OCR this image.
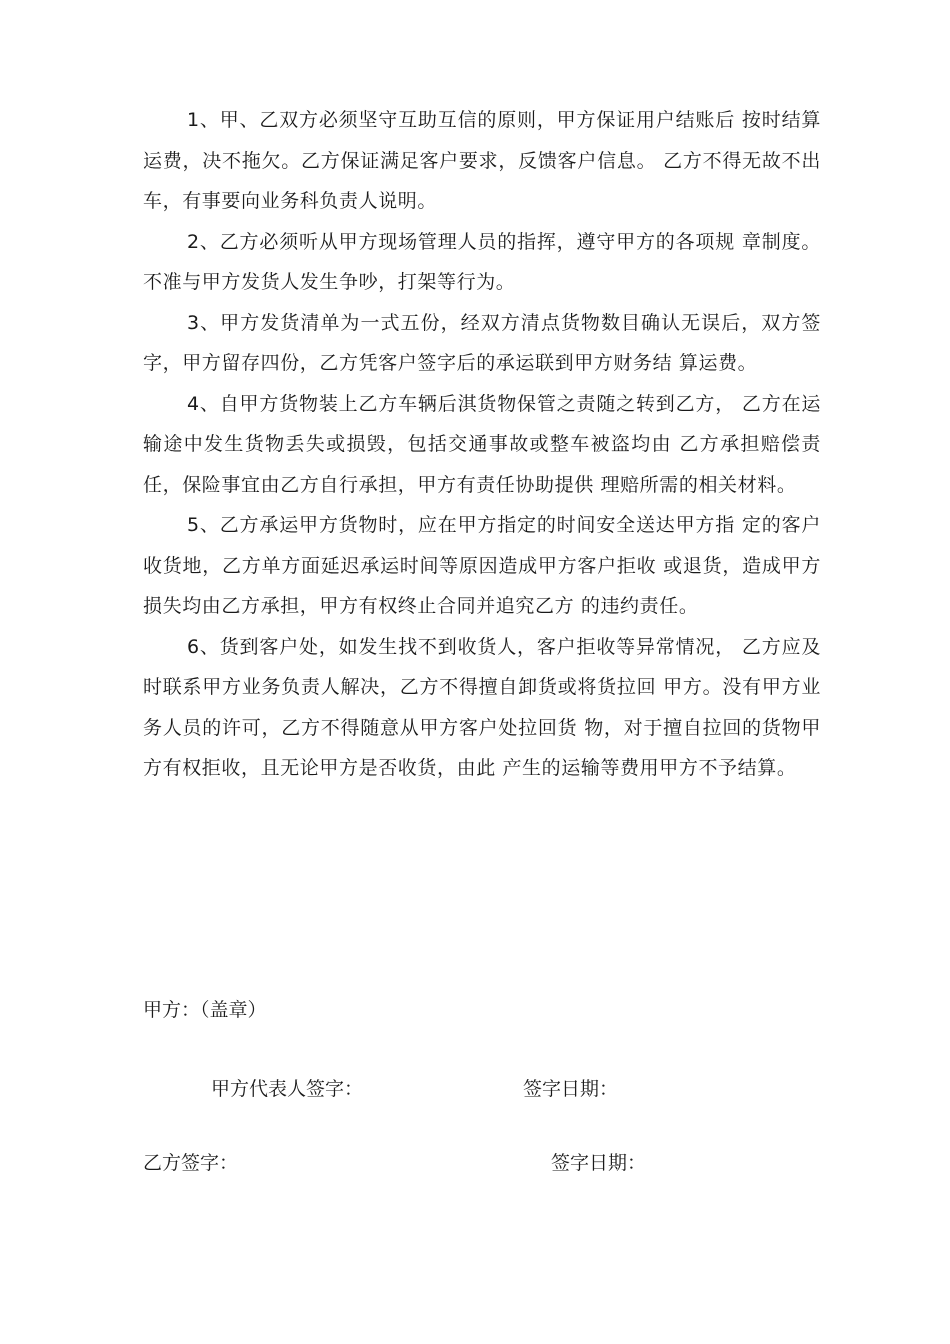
1、甲、乙双方必须坚守互助互信的原则，甲方保证用户结账后 按时结算运费，决不拖欠。乙方保证满足客户要求，反馈客户信息。 乙方不得无故不出车，有事要向业务科负责人说明。

2、乙方必须听从甲方现场管理人员的指挥，遵守甲方的各项规 章制度。不准与甲方发货人发生争吵，打架等行为。

3、甲方发货清单为一式五份，经双方清点货物数目确认无误后，双方签字，甲方留存四份，乙方凭客户签字后的承运联到甲方财务结 算运费。

4、自甲方货物装上乙方车辆后淇货物保管之责随之转到乙方， 乙方在运输途中发生货物丢失或损毁，包括交通事故或整车被盗均由 乙方承担赔偿责任，保险事宜由乙方自行承担，甲方有责任协助提供 理赔所需的相关材料。

5、乙方承运甲方货物时，应在甲方指定的时间安全送达甲方指 定的客户收货地，乙方单方面延迟承运时间等原因造成甲方客户拒收 或退货，造成甲方损失均由乙方承担，甲方有权终止合同并追究乙方 的违约责任。

6、货到客户处，如发生找不到收货人，客户拒收等异常情况， 乙方应及时联系甲方业务负责人解决，乙方不得擅自卸货或将货拉回 甲方。没有甲方业务人员的许可，乙方不得随意从甲方客户处拉回货 物，对于擅自拉回的货物甲方有权拒收，且无论甲方是否收货，由此 产生的运输等费用甲方不予结算。

甲方：（盖章）
甲方代表人签字：	签字日期：
乙方签字：	签字日期：
